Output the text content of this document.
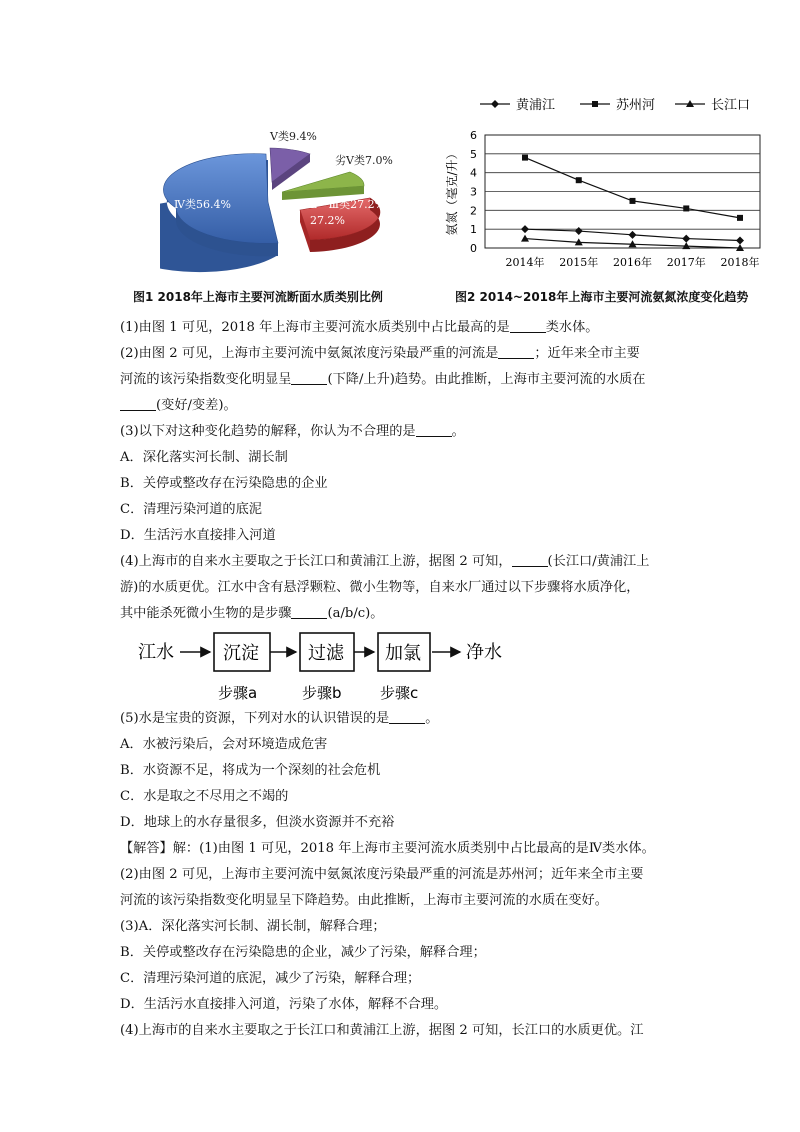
Ⅴ类9.4%
劣Ⅴ类7.0%
Ⅳ类56.4%	Ⅱ～Ⅲ类27.2%
27.2%
0
1
2
3
4
5
6
2014年 2015年 2016年 2017年 2018年
氨氮（毫克/升）
黄浦江	苏州河	长江口
图1 2018年上海市主要河流断面水质类别比例	图2 2014~2018年上海市主要河流氨氮浓度变化趋势
(1)由图 1 可见，2018 年上海市主要河流水质类别中占比最高的是	类水体。
(2)由图 2 可见，上海市主要河流中氨氮浓度污染最严重的河流是	；近年来全市主要
河流的该污染指数变化明显呈	(下降/上升)趋势。由此推断，上海市主要河流的水质在
(变好/变差)。
(3)以下对这种变化趋势的解释，你认为不合理的是	。
A．深化落实河长制、湖长制
B．关停或整改存在污染隐患的企业
C．清理污染河道的底泥
D．生活污水直接排入河道
(4)上海市的自来水主要取之于长江口和黄浦江上游，据图 2 可知，	(长江口/黄浦江上
游)的水质更优。江水中含有悬浮颗粒、微小生物等，自来水厂通过以下步骤将水质净化，
其中能杀死微小生物的是步骤	(a/b/c)。
江水	沉淀	过滤 加氯	净水
步骤a	步骤b	步骤c
(5)水是宝贵的资源，下列对水的认识错误的是	。
A．水被污染后，会对环境造成危害
B．水资源不足，将成为一个深刻的社会危机
C．水是取之不尽用之不竭的
D．地球上的水存量很多，但淡水资源并不充裕
【解答】解：(1)由图 1 可见，2018 年上海市主要河流水质类别中占比最高的是Ⅳ类水体。
(2)由图 2 可见，上海市主要河流中氨氮浓度污染最严重的河流是苏州河；近年来全市主要
河流的该污染指数变化明显呈下降趋势。由此推断，上海市主要河流的水质在变好。
(3)A．深化落实河长制、湖长制，解释合理；
B．关停或整改存在污染隐患的企业，减少了污染，解释合理；
C．清理污染河道的底泥，减少了污染，解释合理；
D．生活污水直接排入河道，污染了水体，解释不合理。
(4)上海市的自来水主要取之于长江口和黄浦江上游，据图 2 可知，长江口的水质更优。江
